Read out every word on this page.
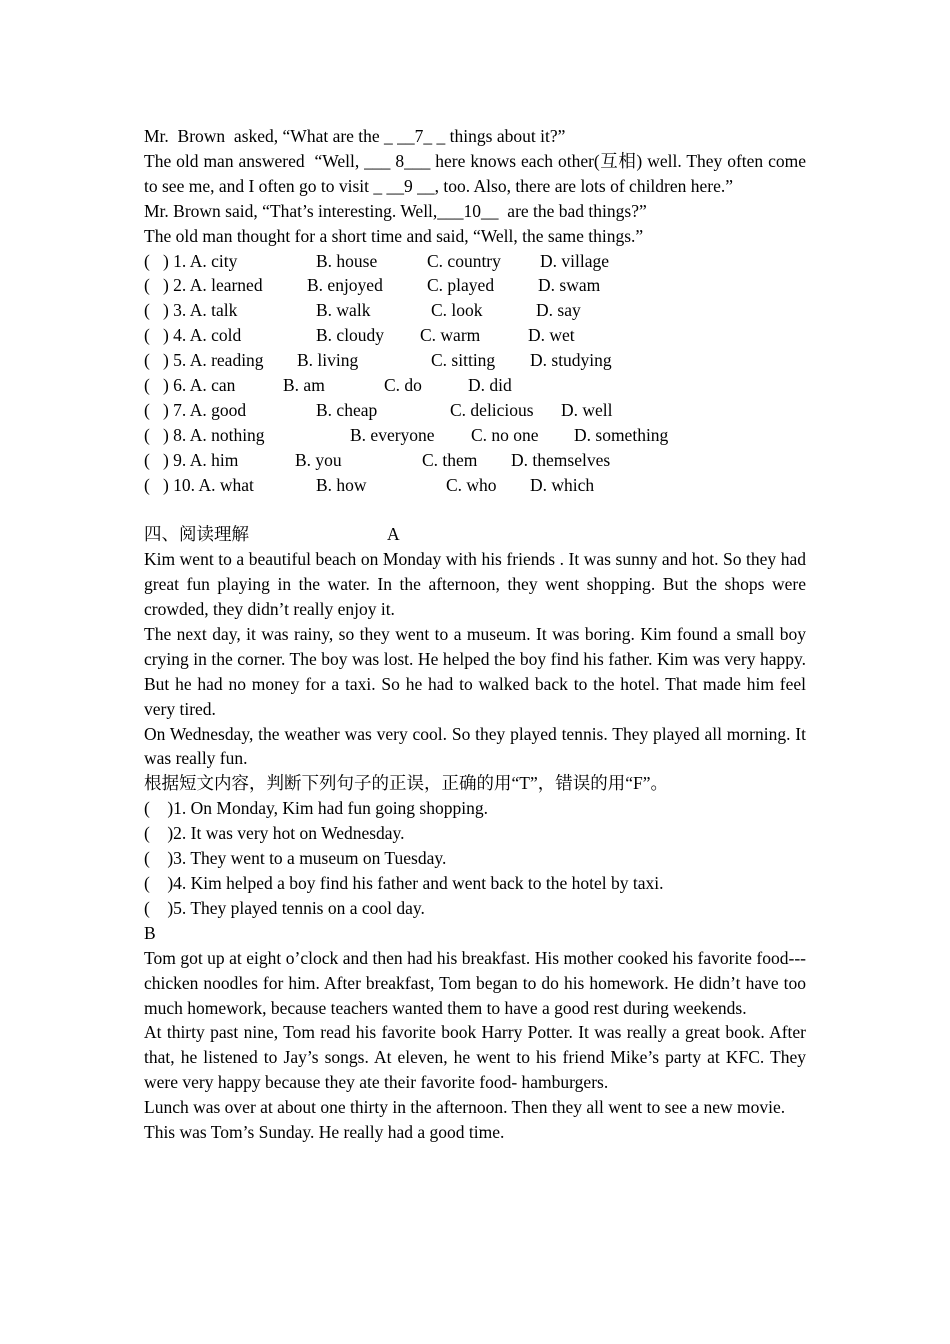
Mr.  Brown  asked, “What are the _ __7_ _ things about it?”

The old man answered  “Well, ___ 8___ here knows each other(互相) well. They often come to see me, and I often go to visit _ __9 __, too. Also, there are lots of children here.”

Mr. Brown said, “That’s interesting. Well,___10__  are the bad things?”

The old man thought for a short time and said, “Well, the same things.”

(   ) 1. A. city

	B. house

	C. country

D. village

(   ) 2. A. learned

	B. enjoyed

	C. played

	D. swam

(   ) 3. A. talk

	B. walk

	C. look

	D. say

(   ) 4. A. cold

	B. cloudy

C. warm

	D. wet

(   ) 5. A. reading

B. living

	C. sitting

D. studying

(   ) 6. A. can

	B. am

	C. do

	D. did

(   ) 7. A. good

	B. cheap

	C. delicious

D. well

(   ) 8. A. nothing

	B. everyone

C. no one

D. something

(   ) 9. A. him

	B. you

	C. them

D. themselves

(   ) 10. A. what

	B. how

	C. who

D. which

四、阅读理解	A

Kim went to a beautiful beach on Monday with his friends . It was sunny and hot. So they had great fun playing in the water. In the afternoon, they went shopping. But the shops were crowded, they didn’t really enjoy it.

The next day, it was rainy, so they went to a museum. It was boring. Kim found a small boy crying in the corner. The boy was lost. He helped the boy find his father. Kim was very happy. But he had no money for a taxi. So he had to walked back to the hotel. That made him feel very tired.

On Wednesday, the weather was very cool. So they played tennis. They played all morning. It was really fun.

根据短文内容，判断下列句子的正误，正确的用“T”，错误的用“F”。

(    )1. On Monday, Kim had fun going shopping.

(    )2. It was very hot on Wednesday.

(    )3. They went to a museum on Tuesday.

(    )4. Kim helped a boy find his father and went back to the hotel by taxi.

(    )5. They played tennis on a cool day.

B

Tom got up at eight o’clock and then had his breakfast. His mother cooked his favorite food---chicken noodles for him. After breakfast, Tom began to do his homework. He didn’t have too much homework, because teachers wanted them to have a good rest during weekends.

At thirty past nine, Tom read his favorite book Harry Potter. It was really a great book. After that, he listened to Jay’s songs. At eleven, he went to his friend Mike’s party at KFC. They were very happy because they ate their favorite food- hamburgers.

Lunch was over at about one thirty in the afternoon. Then they all went to see a new movie.

This was Tom’s Sunday. He really had a good time.
